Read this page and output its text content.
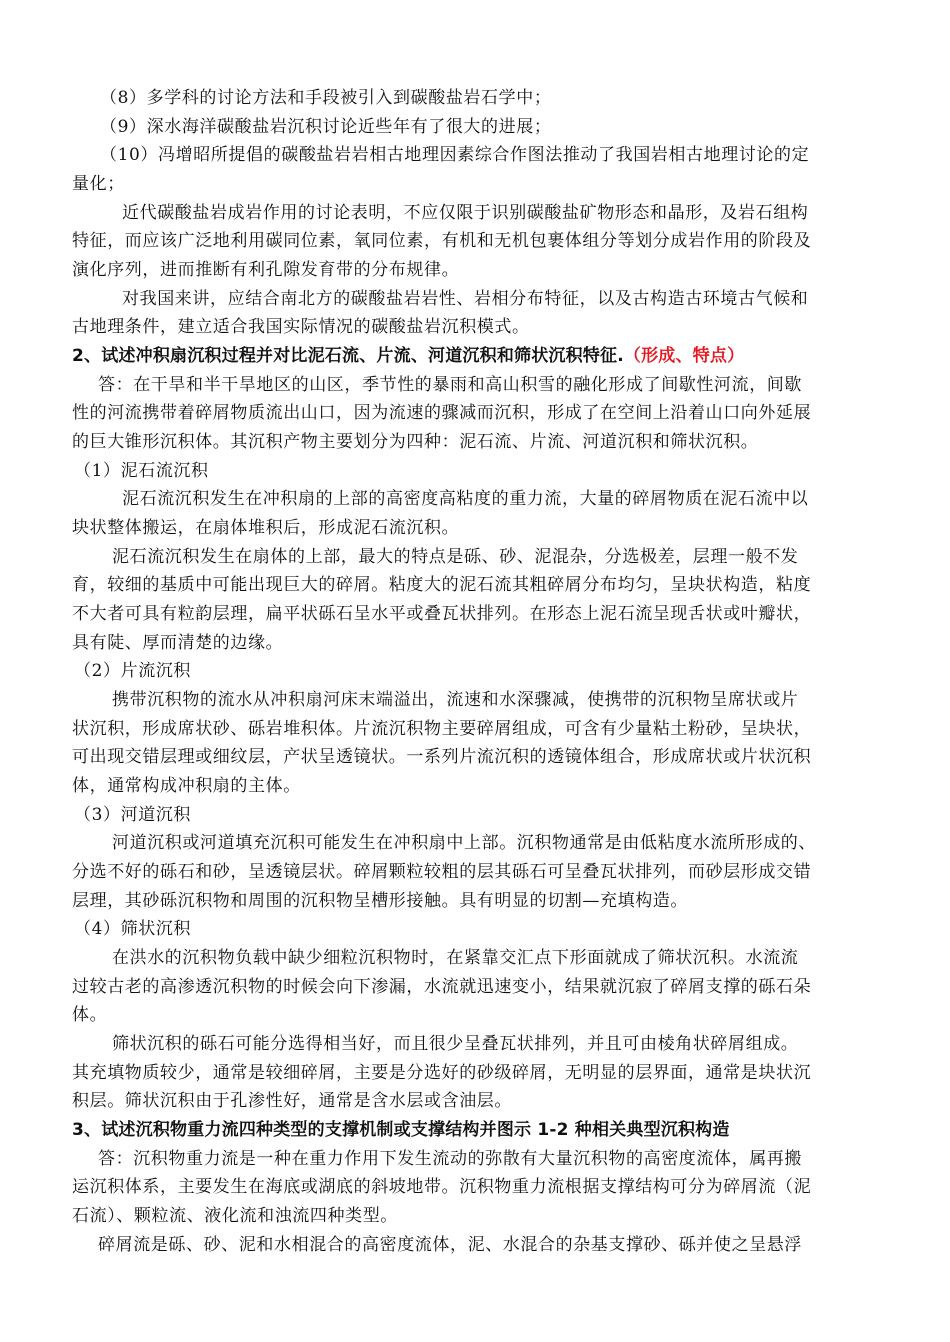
（8）多学科的讨论方法和手段被引入到碳酸盐岩石学中；
（9）深水海洋碳酸盐岩沉积讨论近些年有了很大的进展；
（10）冯增昭所提倡的碳酸盐岩岩相古地理因素综合作图法推动了我国岩相古地理讨论的定
量化；
近代碳酸盐岩成岩作用的讨论表明，不应仅限于识别碳酸盐矿物形态和晶形，及岩石组构
特征，而应该广泛地利用碳同位素，氧同位素，有机和无机包裹体组分等划分成岩作用的阶段及
演化序列，进而推断有利孔隙发育带的分布规律。
对我国来讲，应结合南北方的碳酸盐岩岩性、岩相分布特征，以及古构造古环境古气候和
古地理条件，建立适合我国实际情况的碳酸盐岩沉积模式。
2、试述冲积扇沉积过程并对比泥石流、片流、河道沉积和筛状沉积特征.（形成、特点）
答：在干旱和半干旱地区的山区，季节性的暴雨和高山积雪的融化形成了间歇性河流，间歇
性的河流携带着碎屑物质流出山口，因为流速的骤减而沉积，形成了在空间上沿着山口向外延展
的巨大锥形沉积体。其沉积产物主要划分为四种：泥石流、片流、河道沉积和筛状沉积。
（1）泥石流沉积
泥石流沉积发生在冲积扇的上部的高密度高粘度的重力流，大量的碎屑物质在泥石流中以
块状整体搬运，在扇体堆积后，形成泥石流沉积。
泥石流沉积发生在扇体的上部，最大的特点是砾、砂、泥混杂，分选极差，层理一般不发
育，较细的基质中可能出现巨大的碎屑。粘度大的泥石流其粗碎屑分布均匀，呈块状构造，粘度
不大者可具有粒韵层理，扁平状砾石呈水平或叠瓦状排列。在形态上泥石流呈现舌状或叶瓣状，
具有陡、厚而清楚的边缘。
（2）片流沉积
携带沉积物的流水从冲积扇河床末端溢出，流速和水深骤减，使携带的沉积物呈席状或片
状沉积，形成席状砂、砾岩堆积体。片流沉积物主要碎屑组成，可含有少量粘土粉砂，呈块状，
可出现交错层理或细纹层，产状呈透镜状。一系列片流沉积的透镜体组合，形成席状或片状沉积
体，通常构成冲积扇的主体。
（3）河道沉积
河道沉积或河道填充沉积可能发生在冲积扇中上部。沉积物通常是由低粘度水流所形成的、
分选不好的砾石和砂，呈透镜层状。碎屑颗粒较粗的层其砾石可呈叠瓦状排列，而砂层形成交错
层理，其砂砾沉积物和周围的沉积物呈槽形接触。具有明显的切割—充填构造。
（4）筛状沉积
在洪水的沉积物负载中缺少细粒沉积物时，在紧靠交汇点下形面就成了筛状沉积。水流流
过较古老的高渗透沉积物的时候会向下渗漏，水流就迅速变小，结果就沉寂了碎屑支撑的砾石朵
体。
筛状沉积的砾石可能分选得相当好，而且很少呈叠瓦状排列，并且可由棱角状碎屑组成。
其充填物质较少，通常是较细碎屑，主要是分选好的砂级碎屑，无明显的层界面，通常是块状沉
积层。筛状沉积由于孔渗性好，通常是含水层或含油层。
3、试述沉积物重力流四种类型的支撑机制或支撑结构并图示 1-2 种相关典型沉积构造
答：沉积物重力流是一种在重力作用下发生流动的弥散有大量沉积物的高密度流体，属再搬
运沉积体系，主要发生在海底或湖底的斜坡地带。沉积物重力流根据支撑结构可分为碎屑流（泥
石流）、颗粒流、液化流和浊流四种类型。
碎屑流是砾、砂、泥和水相混合的高密度流体，泥、水混合的杂基支撑砂、砾并使之呈悬浮
